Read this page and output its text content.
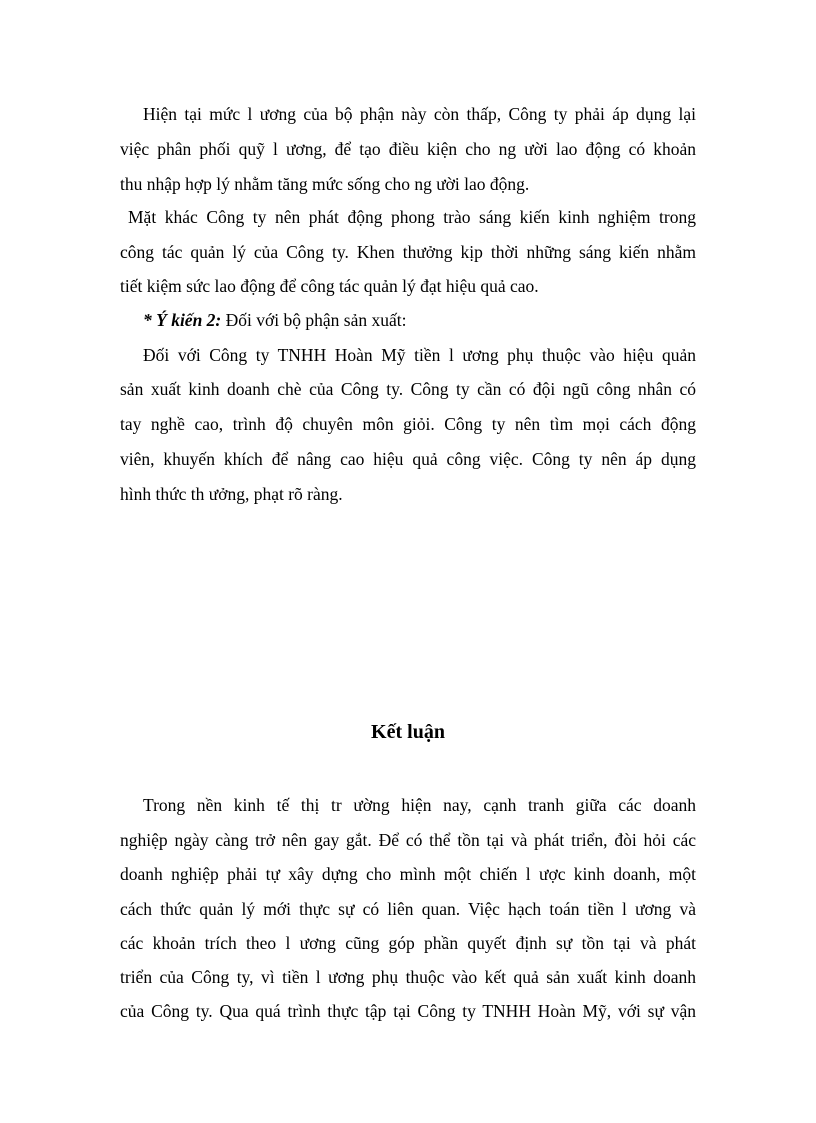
Hiện tại mức l ương của bộ phận này còn thấp, Công ty phải áp dụng lại
việc phân phối quỹ l ương, để tạo điều kiện cho ng ười lao động có khoản
thu nhập hợp lý nhằm tăng mức sống cho ng ười lao động.
Mặt khác Công ty nên phát động phong trào sáng kiến kinh nghiệm trong
công tác quản lý của Công ty. Khen thưởng kịp thời những sáng kiến nhằm
tiết kiệm sức lao động để công tác quản lý đạt hiệu quả cao.
* Ý kiến 2: Đối với bộ phận sản xuất:
Đối với Công ty TNHH Hoàn Mỹ tiền l ương phụ thuộc vào hiệu quản
sản xuất kinh doanh chè của Công ty. Công ty cần có đội ngũ công nhân có
tay nghề cao, trình độ chuyên môn giỏi. Công ty nên tìm mọi cách động
viên, khuyến khích để nâng cao hiệu quả công việc. Công ty nên áp dụng
hình thức th ưởng, phạt rõ ràng.
Kết luận
Trong nền kinh tế thị tr ường hiện nay, cạnh tranh giữa các doanh
nghiệp ngày càng trở nên gay gắt. Để có thể tồn tại và phát triển, đòi hỏi các
doanh nghiệp phải tự xây dựng cho mình một chiến l ược kinh doanh, một
cách thức quản lý mới thực sự có liên quan. Việc hạch toán tiền l ương và
các khoản trích theo l ương cũng góp phần quyết định sự tồn tại và phát
triển của Công ty, vì tiền l ương phụ thuộc vào kết quả sản xuất kinh doanh
của Công ty. Qua quá trình thực tập tại Công ty TNHH Hoàn Mỹ, với sự vận
